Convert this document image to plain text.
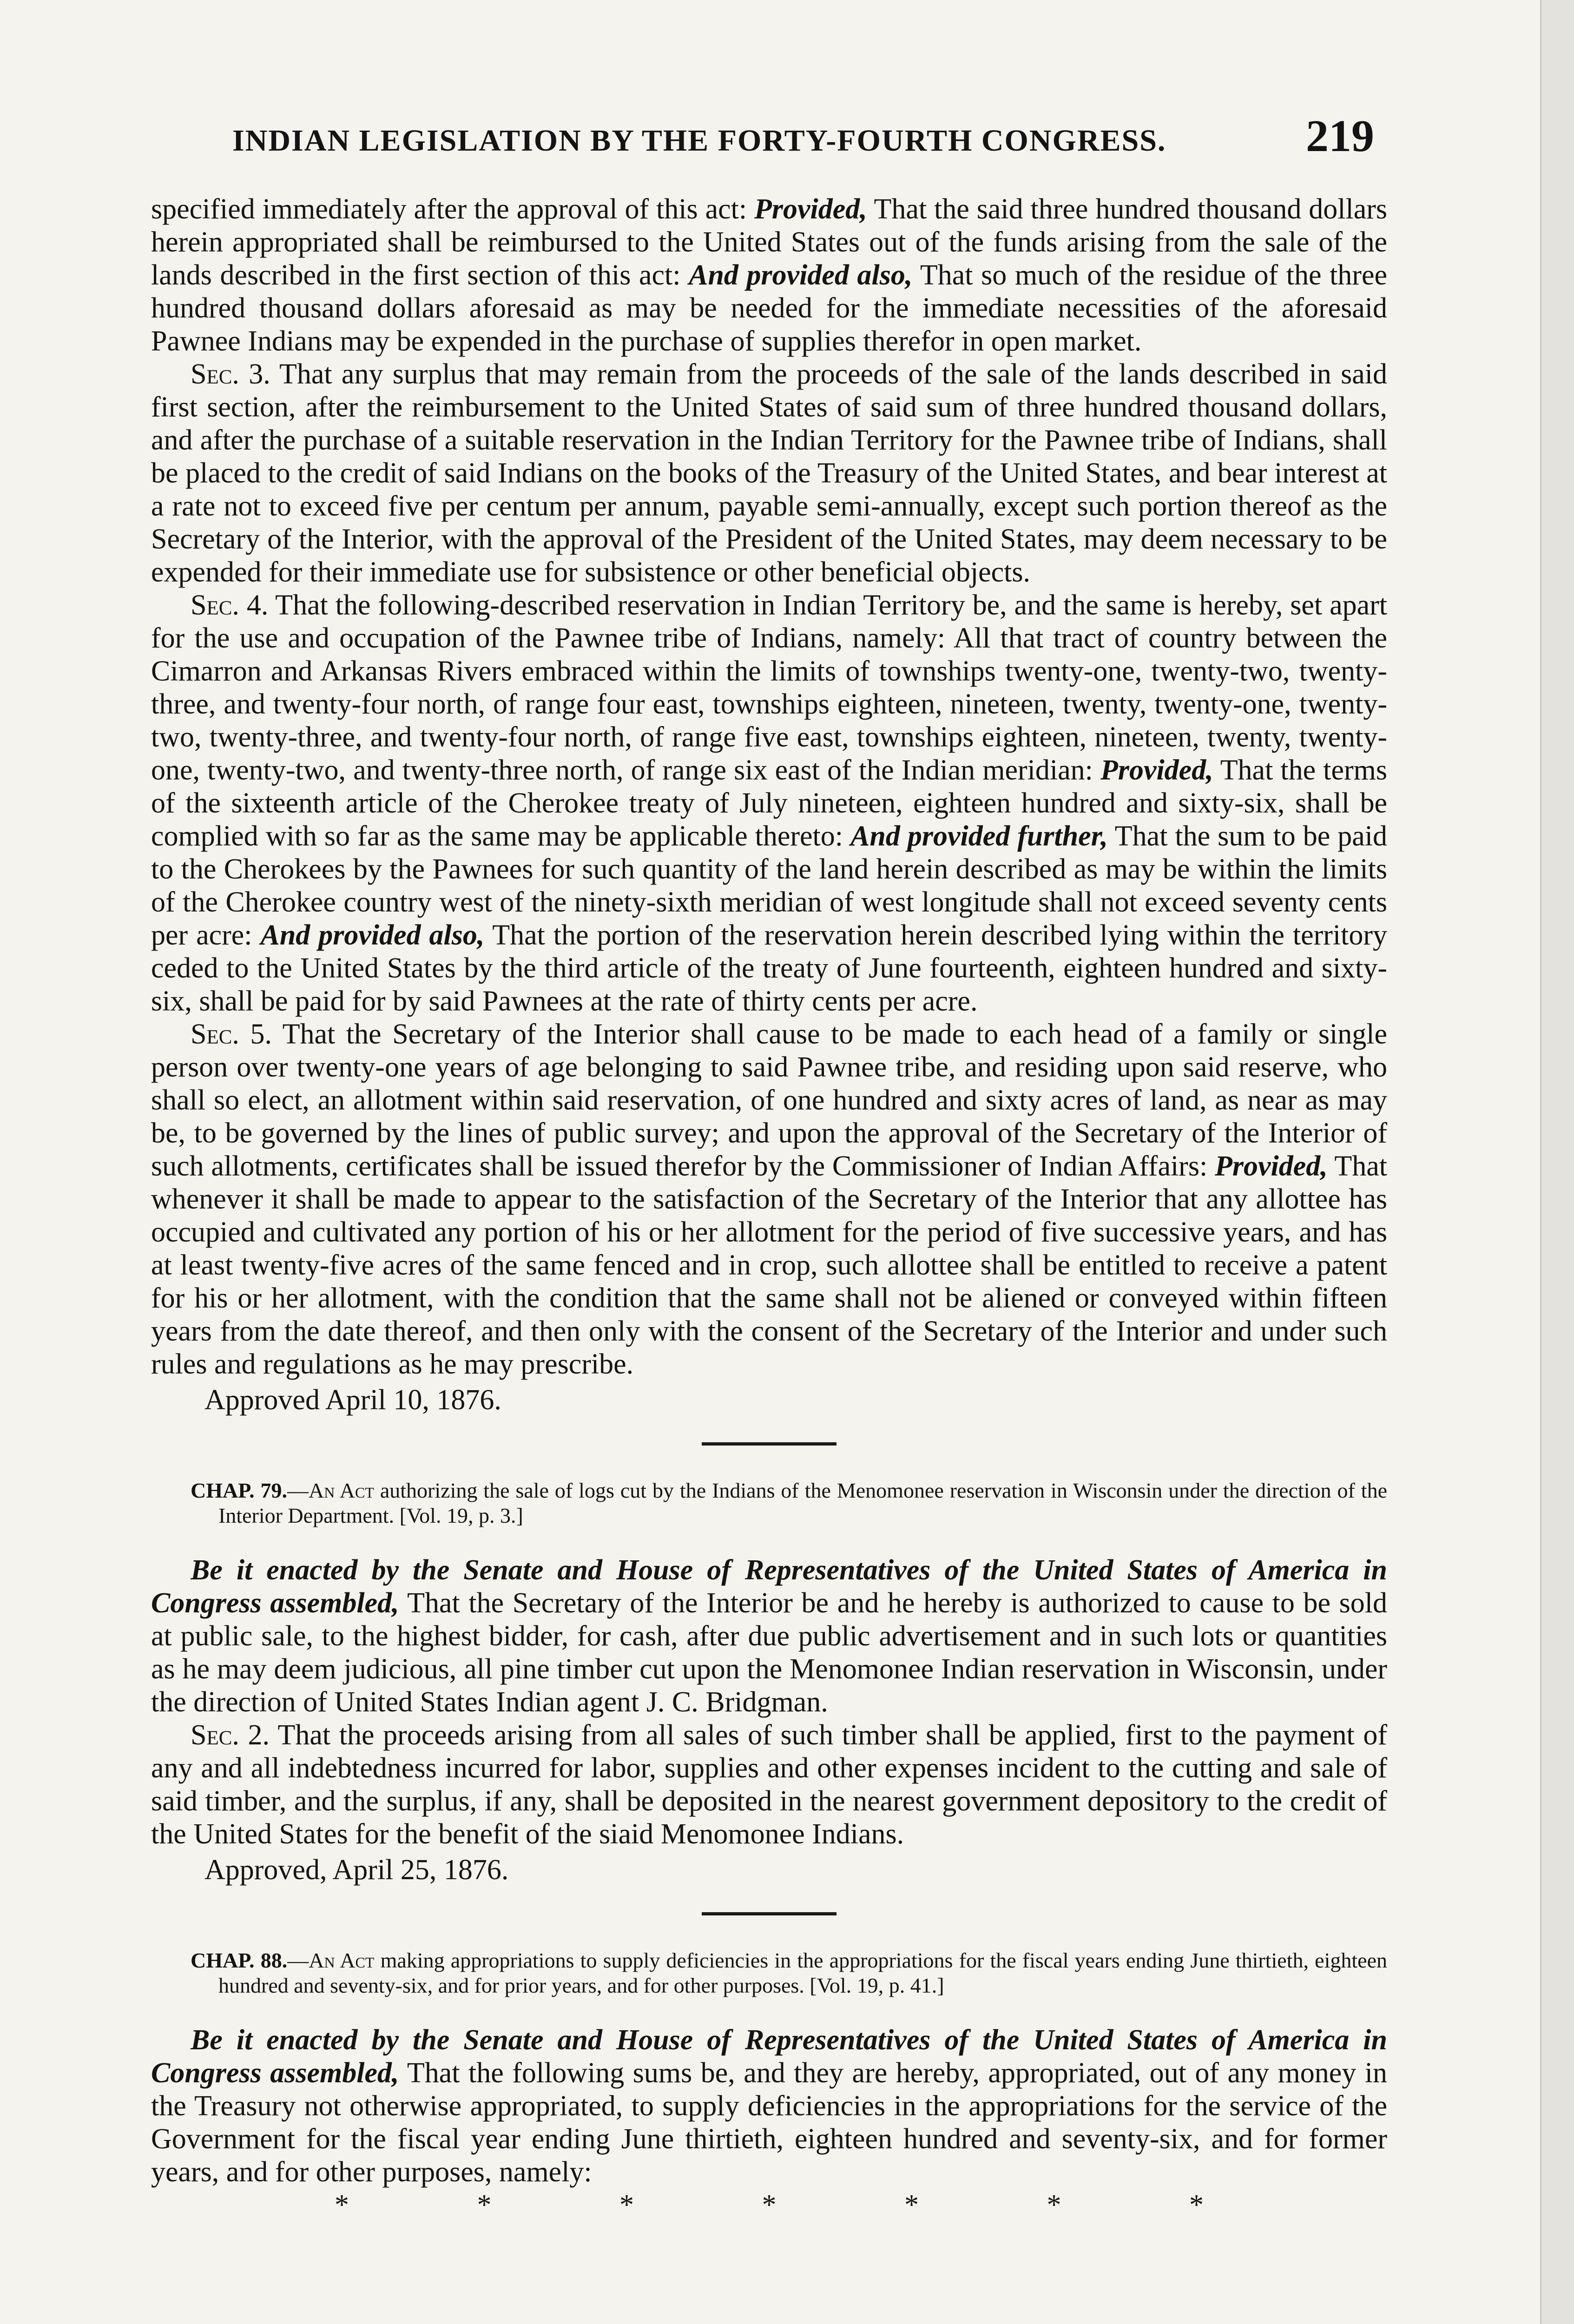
INDIAN LEGISLATION BY THE FORTY-FOURTH CONGRESS.	219

specified immediately after the approval of this act: Provided, That the said three hundred thousand dollars herein appropriated shall be reimbursed to the United States out of the funds arising from the sale of the lands described in the first section of this act: And provided also, That so much of the residue of the three hundred thousand dollars aforesaid as may be needed for the immediate necessities of the aforesaid Pawnee Indians may be expended in the purchase of supplies therefor in open market.

Sec. 3. That any surplus that may remain from the proceeds of the sale of the lands described in said first section, after the reimbursement to the United States of said sum of three hundred thousand dollars, and after the purchase of a suitable reservation in the Indian Territory for the Pawnee tribe of Indians, shall be placed to the credit of said Indians on the books of the Treasury of the United States, and bear interest at a rate not to exceed five per centum per annum, payable semi-annually, except such portion thereof as the Secretary of the Interior, with the approval of the President of the United States, may deem necessary to be expended for their immediate use for subsistence or other beneficial objects.

Sec. 4. That the following-described reservation in Indian Territory be, and the same is hereby, set apart for the use and occupation of the Pawnee tribe of Indians, namely: All that tract of country between the Cimarron and Arkansas Rivers embraced within the limits of townships twenty-one, twenty-two, twenty-three, and twenty-four north, of range four east, townships eighteen, nineteen, twenty, twenty-one, twenty-two, twenty-three, and twenty-four north, of range five east, townships eighteen, nineteen, twenty, twenty-one, twenty-two, and twenty-three north, of range six east of the Indian meridian: Provided, That the terms of the sixteenth article of the Cherokee treaty of July nineteen, eighteen hundred and sixty-six, shall be complied with so far as the same may be applicable thereto: And provided further, That the sum to be paid to the Cherokees by the Pawnees for such quantity of the land herein described as may be within the limits of the Cherokee country west of the ninety-sixth meridian of west longitude shall not exceed seventy cents per acre: And provided also, That the portion of the reservation herein described lying within the territory ceded to the United States by the third article of the treaty of June fourteenth, eighteen hundred and sixty-six, shall be paid for by said Pawnees at the rate of thirty cents per acre.

Sec. 5. That the Secretary of the Interior shall cause to be made to each head of a family or single person over twenty-one years of age belonging to said Pawnee tribe, and residing upon said reserve, who shall so elect, an allotment within said reservation, of one hundred and sixty acres of land, as near as may be, to be governed by the lines of public survey; and upon the approval of the Secretary of the Interior of such allotments, certificates shall be issued therefor by the Commissioner of Indian Affairs: Provided, That whenever it shall be made to appear to the satisfaction of the Secretary of the Interior that any allottee has occupied and cultivated any portion of his or her allotment for the period of five successive years, and has at least twenty-five acres of the same fenced and in crop, such allottee shall be entitled to receive a patent for his or her allotment, with the condition that the same shall not be aliened or conveyed within fifteen years from the date thereof, and then only with the consent of the Secretary of the Interior and under such rules and regulations as he may prescribe.

Approved April 10, 1876.

CHAP. 79.—An Act authorizing the sale of logs cut by the Indians of the Menomonee reservation in Wisconsin under the direction of the Interior Department. [Vol. 19, p. 3.]

Be it enacted by the Senate and House of Representatives of the United States of America in Congress assembled, That the Secretary of the Interior be and he hereby is authorized to cause to be sold at public sale, to the highest bidder, for cash, after due public advertisement and in such lots or quantities as he may deem judicious, all pine timber cut upon the Menomonee Indian reservation in Wisconsin, under the direction of United States Indian agent J. C. Bridgman.

Sec. 2. That the proceeds arising from all sales of such timber shall be applied, first to the payment of any and all indebtedness incurred for labor, supplies and other expenses incident to the cutting and sale of said timber, and the surplus, if any, shall be deposited in the nearest government depository to the credit of the United States for the benefit of the siaid Menomonee Indians.

Approved, April 25, 1876.

CHAP. 88.—An Act making appropriations to supply deficiencies in the appropriations for the fiscal years ending June thirtieth, eighteen hundred and seventy-six, and for prior years, and for other purposes. [Vol. 19, p. 41.]

Be it enacted by the Senate and House of Representatives of the United States of America in Congress assembled, That the following sums be, and they are hereby, appropriated, out of any money in the Treasury not otherwise appropriated, to supply deficiencies in the appropriations for the service of the Government for the fiscal year ending June thirtieth, eighteen hundred and seventy-six, and for former years, and for other purposes, namely:

* * * * * * *
